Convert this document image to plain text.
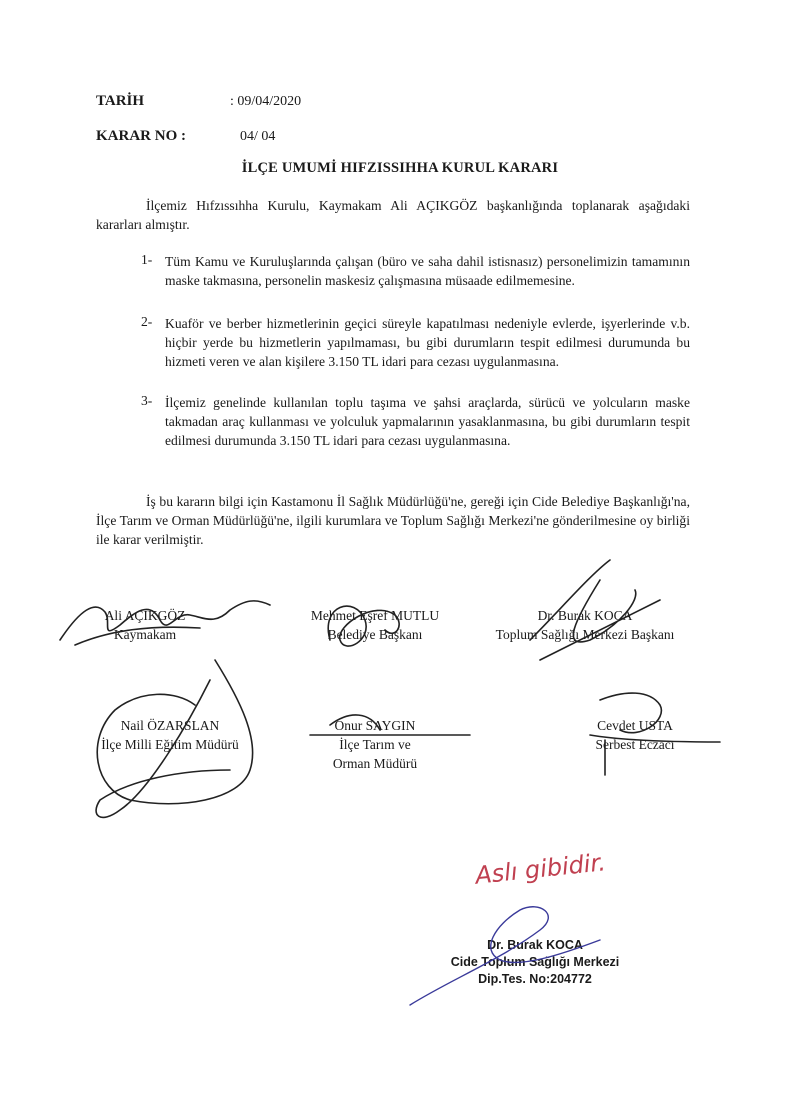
TARİH	: 09/04/2020
KARAR NO :	04/ 04
İLÇE UMUMİ HIFZISSIHHA KURUL KARARI
İlçemiz Hıfzıssıhha Kurulu, Kaymakam Ali AÇIKGÖZ başkanlığında toplanarak aşağıdaki kararları almıştır.
1- Tüm Kamu ve Kuruluşlarında çalışan (büro ve saha dahil istisnasız) personelimizin tamamının maske takmasına, personelin maskesiz çalışmasına müsaade edilmemesine.
2- Kuaför ve berber hizmetlerinin geçici süreyle kapatılması nedeniyle evlerde, işyerlerinde v.b. hiçbir yerde bu hizmetlerin yapılmaması, bu gibi durumların tespit edilmesi durumunda bu hizmeti veren ve alan kişilere 3.150 TL idari para cezası uygulanmasına.
3- İlçemiz genelinde kullanılan toplu taşıma ve şahsi araçlarda, sürücü ve yolcuların maske takmadan araç kullanması ve yolculuk yapmalarının yasaklanmasına, bu gibi durumların tespit edilmesi durumunda 3.150 TL idari para cezası uygulanmasına.
İş bu kararın bilgi için Kastamonu İl Sağlık Müdürlüğü'ne, gereği için Cide Belediye Başkanlığı'na, İlçe Tarım ve Orman Müdürlüğü'ne, ilgili kurumlara ve Toplum Sağlığı Merkezi'ne gönderilmesine oy birliği ile karar verilmiştir.
Ali AÇIKGÖZ
Kaymakam
Mehmet Eşref MUTLU
Belediye Başkanı
Dr. Burak KOCA
Toplum Sağlığı Merkezi Başkanı
Nail ÖZARSLAN
İlçe Milli Eğitim Müdürü
Onur SAYGIN
İlçe Tarım ve
Orman Müdürü
Cevdet USTA
Serbest Eczacı
Aslı gibidir.
Dr. Burak KOCA
Cide Toplum Sağlığı Merkezi
Dip.Tes. No:204772
